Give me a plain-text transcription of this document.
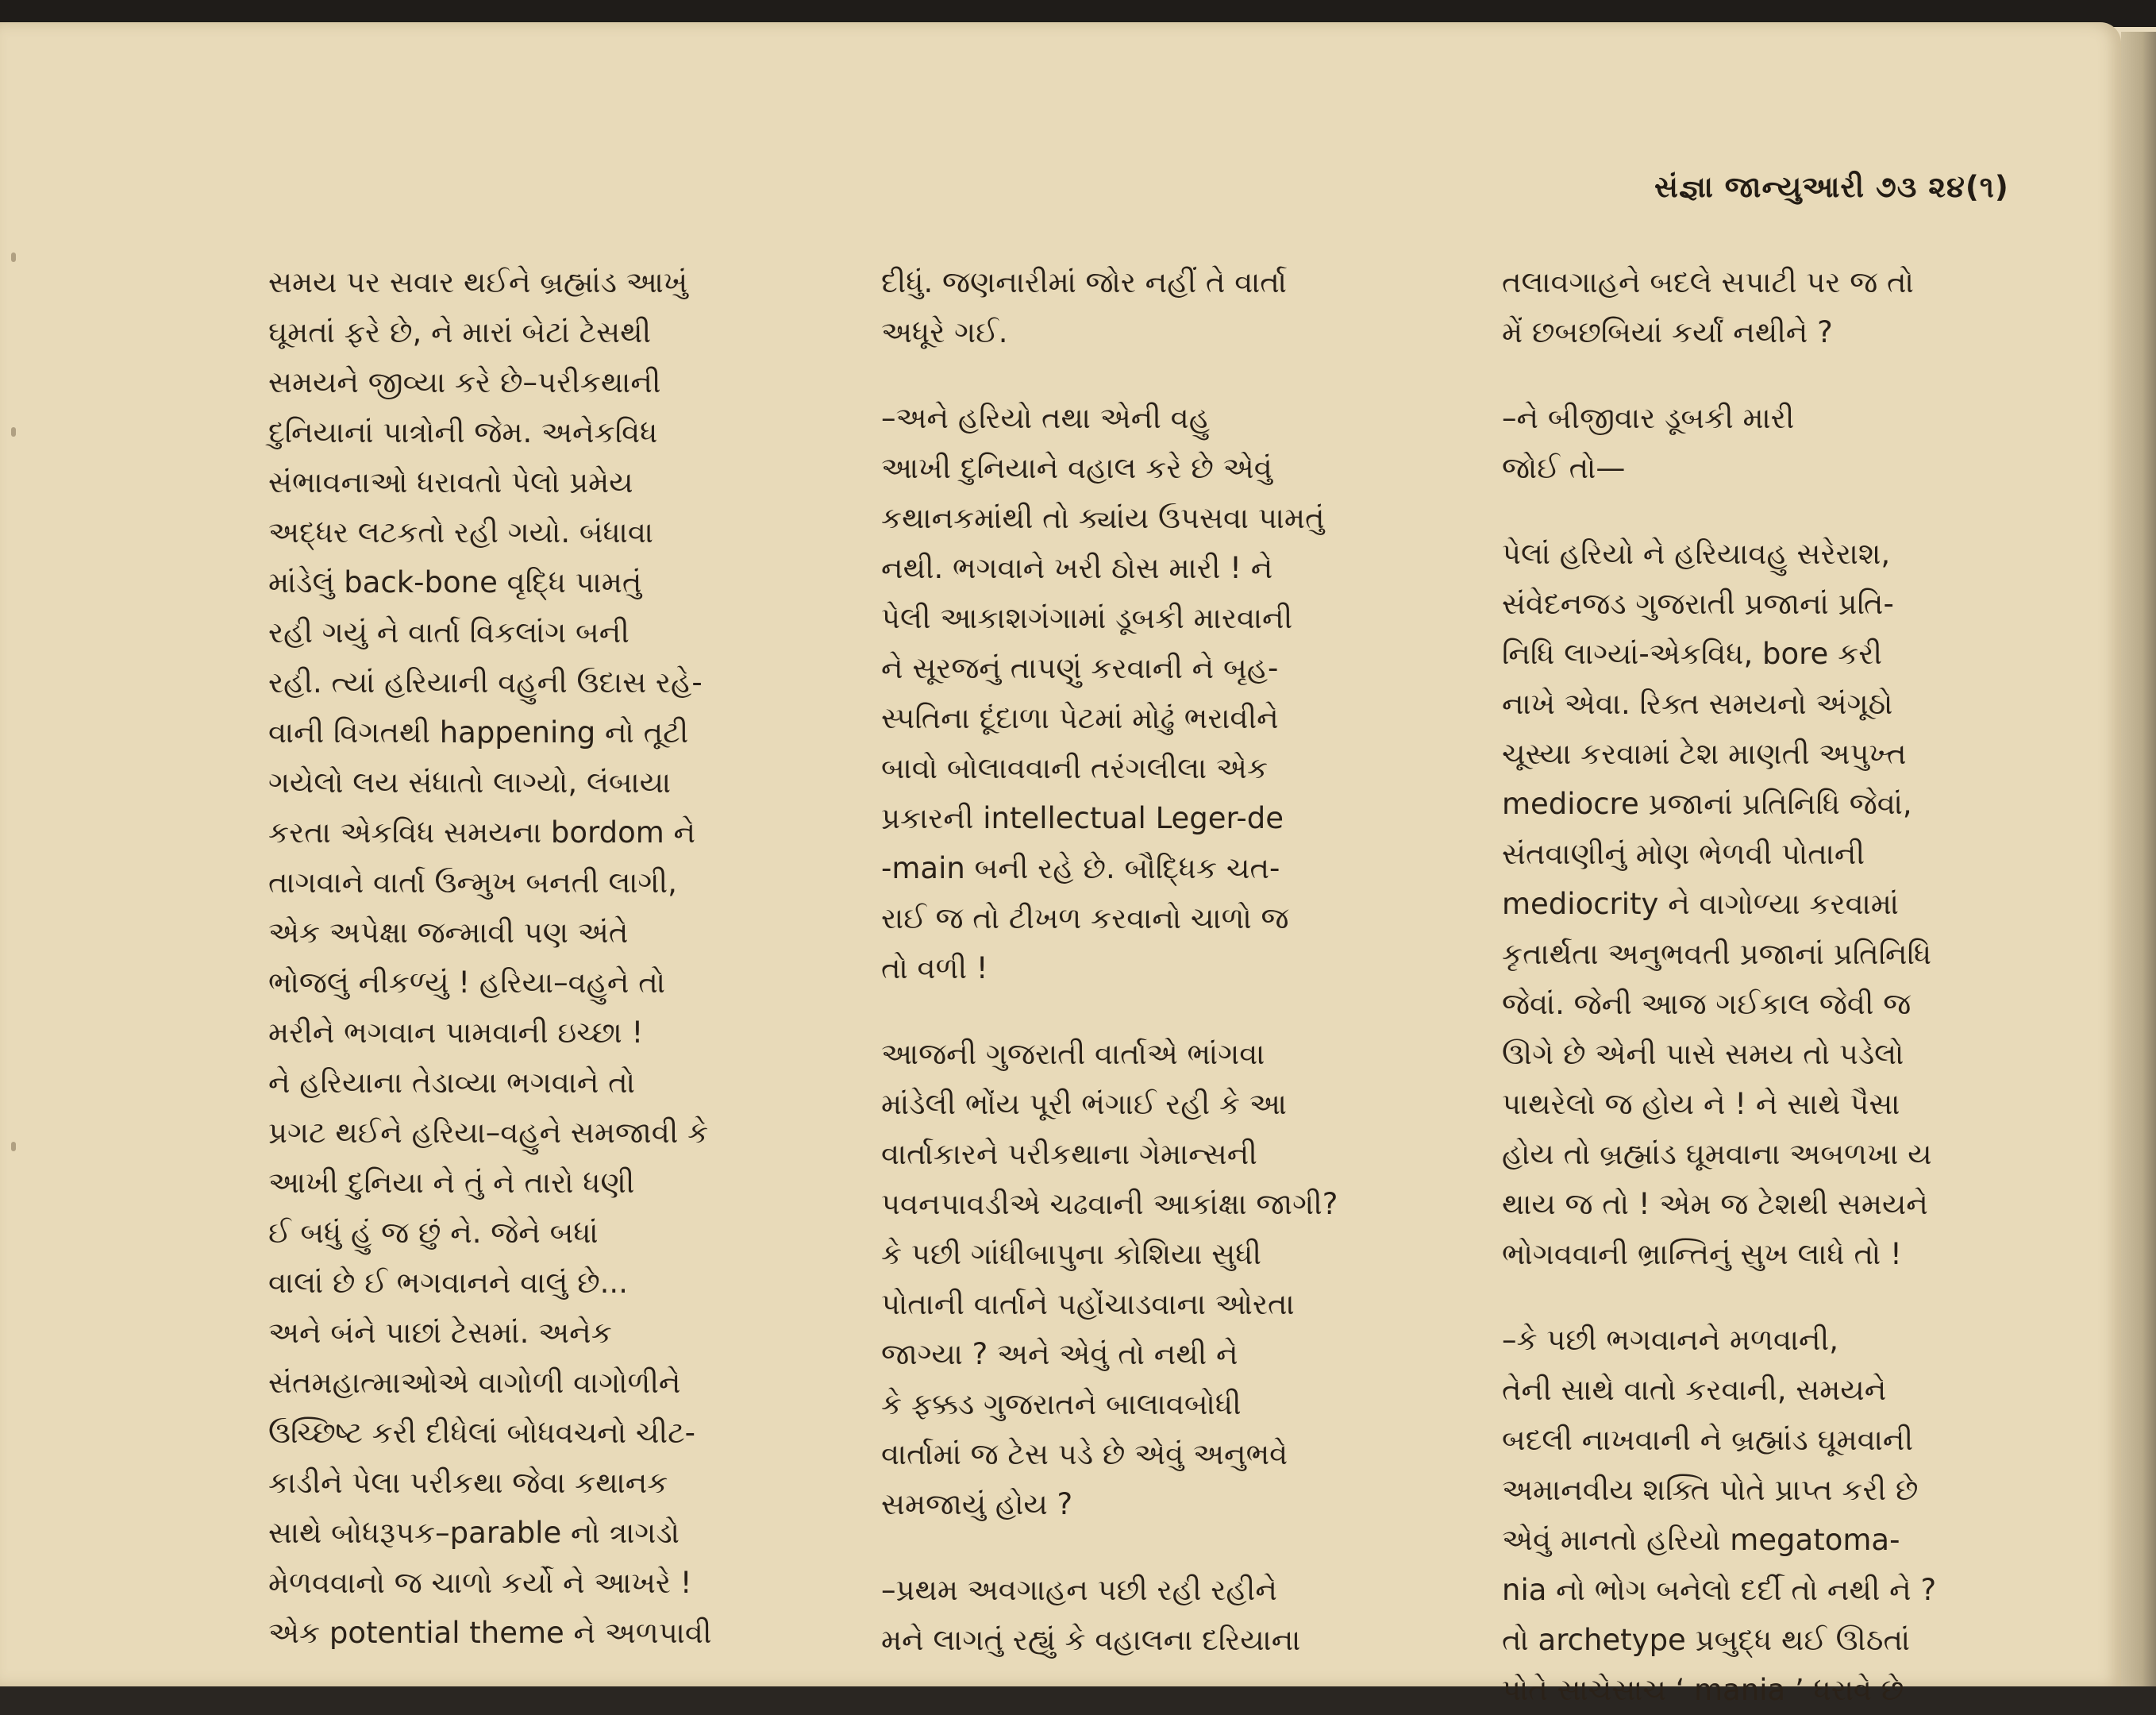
સંજ્ઞા જાન્યુઆરી ૭૩ ૨૪(૧)
સમય પર સવાર થઈને બ્રહ્માંડ આખું
ઘૂમતાં ફરે છે, ને મારાં બેટાં ટેસથી
સમયને જીવ્યા કરે છે–પરીકથાની
દુનિયાનાં પાત્રોની જેમ. અનેકવિધ
સંભાવનાઓ ધરાવતો પેલો પ્રમેય
અદ્ધર લટકતો રહી ગયો. બંધાવા
માંડેલું back-bone વૃદ્ધિ પામતું
રહી ગયું ને વાર્તા વિકલાંગ બની
રહી. ત્યાં હરિયાની વહુની ઉદાસ રહે-
વાની વિગતથી happening નો તૂટી
ગયેલો લય સંધાતો લાગ્યો, લંબાયા
કરતા એકવિધ સમયના bordom ને
તાગવાને વાર્તા ઉન્મુખ બનતી લાગી,
એક અપેક્ષા જન્માવી પણ અંતે
ભોજલું નીકળ્યું ! હરિયા–વહુને તો
મરીને ભગવાન પામવાની ઇચ્છા !
ને હરિયાના તેડાવ્યા ભગવાને તો
પ્રગટ થઈને હરિયા–વહુને સમજાવી કે
આખી દુનિયા ને તું ને તારો ધણી
ઈ બધું હું જ છું ને. જેને બધાં
વાલાં છે ઈ ભગવાનને વાલું છે...
અને બંને પાછાં ટેસમાં. અનેક
સંતમહાત્માઓએ વાગોળી વાગોળીને
ઉચ્છિષ્ટ કરી દીધેલાં બોધવચનો ચીટ-
કાડીને પેલા પરીકથા જેવા કથાનક
સાથે બોધરૂપક–parable નો ત્રાગડો
મેળવવાનો જ ચાળો કર્યો ને આખરે !
એક potential theme ને અળપાવી
દીધું. જણનારીમાં જોર નહીં તે વાર્તા
અધૂરે ગઈ.
–અને હરિયો તથા એની વહુ
આખી દુનિયાને વહાલ કરે છે એવું
કથાનકમાંથી તો ક્યાંય ઉપસવા પામતું
નથી. ભગવાને ખરી ઠોસ મારી ! ને
પેલી આકાશગંગામાં ડૂબકી મારવાની
ને સૂરજનું તાપણું કરવાની ને બૃહ-
સ્પતિના દૂંદાળા પેટમાં મોઢું ભરાવીને
બાવો બોલાવવાની તરંગલીલા એક
પ્રકારની intellectual Leger-de
-main બની રહે છે. બૌદ્ધિક ચત-
રાઈ જ તો ટીખળ કરવાનો ચાળો જ
તો વળી !
આજની ગુજરાતી વાર્તાએ ભાંગવા
માંડેલી ભોંય પૂરી ભંગાઈ રહી કે આ
વાર્તાકારને પરીકથાના ગેમાન્સની
પવનપાવડીએ ચઢવાની આકાંક્ષા જાગી?
કે પછી ગાંધીબાપુના કોશિયા સુધી
પોતાની વાર્તાને પહોંચાડવાના ઓરતા
જાગ્યા ? અને એવું તો નથી ને
કે ફક્કડ ગુજરાતને બાલાવબોધી
વાર્તામાં જ ટેસ પડે છે એવું અનુભવે
સમજાયું હોય ?
–પ્રથમ અવગાહન પછી રહી રહીને
મને લાગતું રહ્યું કે વહાલના દરિયાના
તલાવગાહને બદલે સપાટી પર જ તો
મેં છબછબિયાં કર્યાં નથીને ?
–ને બીજીવાર ડૂબકી મારી
જોઈ તો—
પેલાં હરિયો ને હરિયાવહુ સરેરાશ,
સંવેદનજડ ગુજરાતી પ્રજાનાં પ્રતિ-
નિધિ લાગ્યાં-એકવિધ, bore કરી
નાખે એવા. રિક્ત સમયનો અંગૂઠો
ચૂસ્યા કરવામાં ટેશ માણતી અપુખ્ત
mediocre પ્રજાનાં પ્રતિનિધિ જેવાં,
સંતવાણીનું મોણ ભેળવી પોતાની
mediocrity ને વાગોળ્યા કરવામાં
કૃતાર્થતા અનુભવતી પ્રજાનાં પ્રતિનિધિ
જેવાં. જેની આજ ગઈકાલ જેવી જ
ઊગે છે એની પાસે સમય તો પડેલો
પાથરેલો જ હોય ને ! ને સાથે પૈસા
હોય તો બ્રહ્માંડ ઘૂમવાના અબળખા ય
થાય જ તો ! એમ જ ટેશથી સમયને
ભોગવવાની ભ્રાન્તિનું સુખ લાધે તો !
–કે પછી ભગવાનને મળવાની,
તેની સાથે વાતો કરવાની, સમયને
બદલી નાખવાની ને બ્રહ્માંડ ઘૂમવાની
અમાનવીય શક્તિ પોતે પ્રાપ્ત કરી છે
એવું માનતો હરિયો megatoma-
nia નો ભોગ બનેલો દર્દી તો નથી ને ?
તો archetype પ્રબુદ્ધ થઈ ઊઠતાં
પોતે સાચેસાચ ‘ mania ’ ધરાવે છે
